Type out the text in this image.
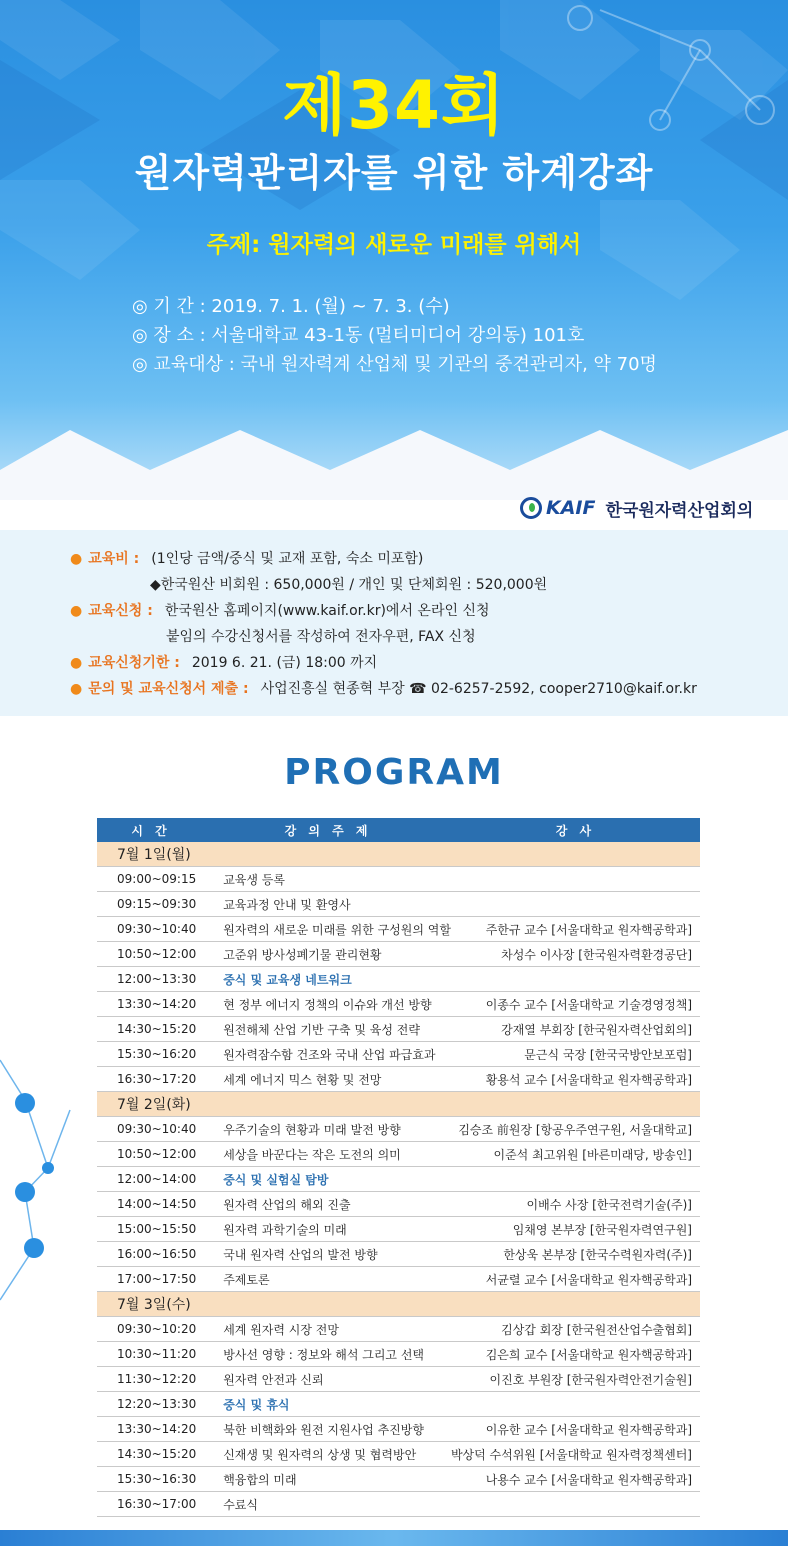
제34회
원자력관리자를 위한 하계강좌
주제: 원자력의 새로운 미래를 위해서
◎ 기 간 : 2019. 7. 1. (월) ~ 7. 3. (수)
◎ 장 소 : 서울대학교 43-1동 (멀티미디어 강의동) 101호
◎ 교육대상 : 국내 원자력계 산업체 및 기관의 중견관리자, 약 70명
KAIF 한국원자력산업회의
● 교육비 : (1인당 금액/중식 및 교재 포함, 숙소 미포함)
◆한국원산 비회원 : 650,000원 / 개인 및 단체회원 : 520,000원
● 교육신청 : 한국원산 홈페이지(www.kaif.or.kr)에서 온라인 신청
붙임의 수강신청서를 작성하여 전자우편, FAX 신청
● 교육신청기한 : 2019 6. 21. (금) 18:00 까지
● 문의 및 교육신청서 제출 : 사업진흥실 현종혁 부장 ☎ 02-6257-2592, cooper2710@kaif.or.kr
PROGRAM
시 간	강 의 주 제	강 사
7월 1일(월)		
09:00~09:15	교육생 등록	
09:15~09:30	교육과정 안내 및 환영사	
09:30~10:40	원자력의 새로운 미래를 위한 구성원의 역할	주한규 교수 [서울대학교 원자핵공학과]
10:50~12:00	고준위 방사성폐기물 관리현황	차성수 이사장 [한국원자력환경공단]
12:00~13:30	중식 및 교육생 네트워크	
13:30~14:20	현 정부 에너지 정책의 이슈와 개선 방향	이종수 교수 [서울대학교 기술경영정책]
14:30~15:20	원전해체 산업 기반 구축 및 육성 전략	강재열 부회장 [한국원자력산업회의]
15:30~16:20	원자력잠수함 건조와 국내 산업 파급효과	문근식 국장 [한국국방안보포럼]
16:30~17:20	세계 에너지 믹스 현황 및 전망	황용석 교수 [서울대학교 원자핵공학과]
7월 2일(화)		
09:30~10:40	우주기술의 현황과 미래 발전 방향	김승조 前원장 [항공우주연구원, 서울대학교]
10:50~12:00	세상을 바꾼다는 작은 도전의 의미	이준석 최고위원 [바른미래당, 방송인]
12:00~14:00	중식 및 실험실 탐방	
14:00~14:50	원자력 산업의 해외 진출	이배수 사장 [한국전력기술(주)]
15:00~15:50	원자력 과학기술의 미래	임채영 본부장 [한국원자력연구원]
16:00~16:50	국내 원자력 산업의 발전 방향	한상욱 본부장 [한국수력원자력(주)]
17:00~17:50	주제토론	서균렬 교수 [서울대학교 원자핵공학과]
7월 3일(수)		
09:30~10:20	세계 원자력 시장 전망	김상갑 회장 [한국원전산업수출협회]
10:30~11:20	방사선 영향 : 정보와 해석 그리고 선택	김은희 교수 [서울대학교 원자핵공학과]
11:30~12:20	원자력 안전과 신뢰	이진호 부원장 [한국원자력안전기술원]
12:20~13:30	중식 및 휴식	
13:30~14:20	북한 비핵화와 원전 지원사업 추진방향	이유한 교수 [서울대학교 원자핵공학과]
14:30~15:20	신재생 및 원자력의 상생 및 협력방안	박상덕 수석위원 [서울대학교 원자력정책센터]
15:30~16:30	핵융합의 미래	나용수 교수 [서울대학교 원자핵공학과]
16:30~17:00	수료식	
